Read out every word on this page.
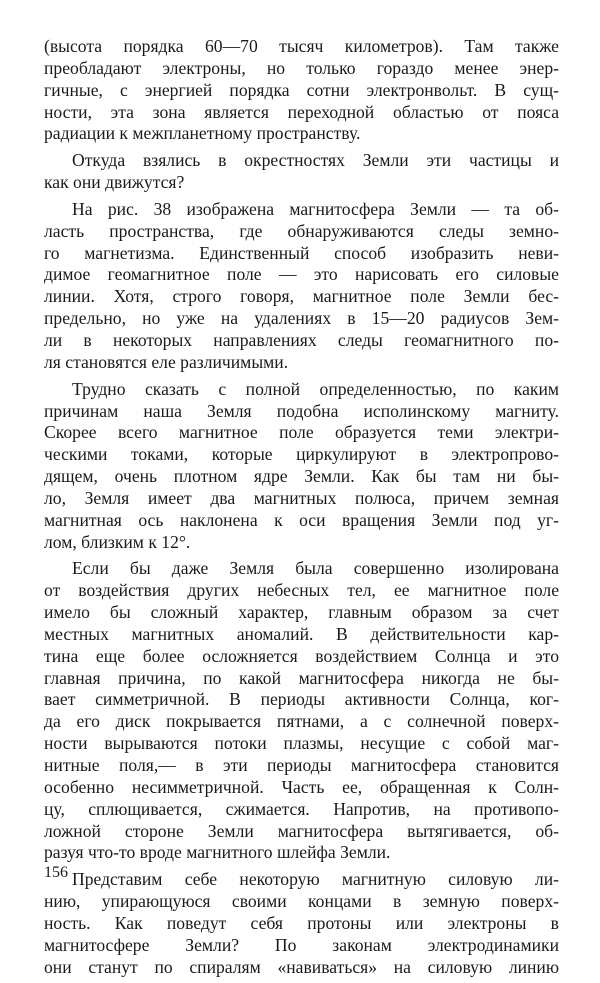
(высота порядка 60—70 тысяч километров). Там также
преобладают электроны, но только гораздо менее энер-
гичные, с энергией порядка сотни электронвольт. В сущ-
ности, эта зона является переходной областью от пояса
радиации к межпланетному пространству.

Откуда взялись в окрестностях Земли эти частицы и
как они движутся?

На рис. 38 изображена магнитосфера Земли — та об-
ласть пространства, где обнаруживаются следы земно-
го магнетизма. Единственный способ изобразить неви-
димое геомагнитное поле — это нарисовать его силовые
линии. Хотя, строго говоря, магнитное поле Земли бес-
предельно, но уже на удалениях в 15—20 радиусов Зем-
ли в некоторых направлениях следы геомагнитного по-
ля становятся еле различимыми.

Трудно сказать с полной определенностью, по каким
причинам наша Земля подобна исполинскому магниту.
Скорее всего магнитное поле образуется теми электри-
ческими токами, которые циркулируют в электропрово-
дящем, очень плотном ядре Земли. Как бы там ни бы-
ло, Земля имеет два магнитных полюса, причем земная
магнитная ось наклонена к оси вращения Земли под уг-
лом, близким к 12°.

Если бы даже Земля была совершенно изолирована
от воздействия других небесных тел, ее магнитное поле
имело бы сложный характер, главным образом за счет
местных магнитных аномалий. В действительности кар-
тина еще более осложняется воздействием Солнца и это
главная причина, по какой магнитосфера никогда не бы-
вает симметричной. В периоды активности Солнца, ког-
да его диск покрывается пятнами, а с солнечной поверх-
ности вырываются потоки плазмы, несущие с собой маг-
нитные поля,— в эти периоды магнитосфера становится
особенно несимметричной. Часть ее, обращенная к Солн-
цу, сплющивается, сжимается. Напротив, на противопо-
ложной стороне Земли магнитосфера вытягивается, об-
разуя что-то вроде магнитного шлейфа Земли.

Представим себе некоторую магнитную силовую ли-
нию, упирающуюся своими концами в земную поверх-
ность. Как поведут себя протоны или электроны в
магнитосфере Земли? По законам электродинамики
они станут по спиралям «навиваться» на силовую линию

156
